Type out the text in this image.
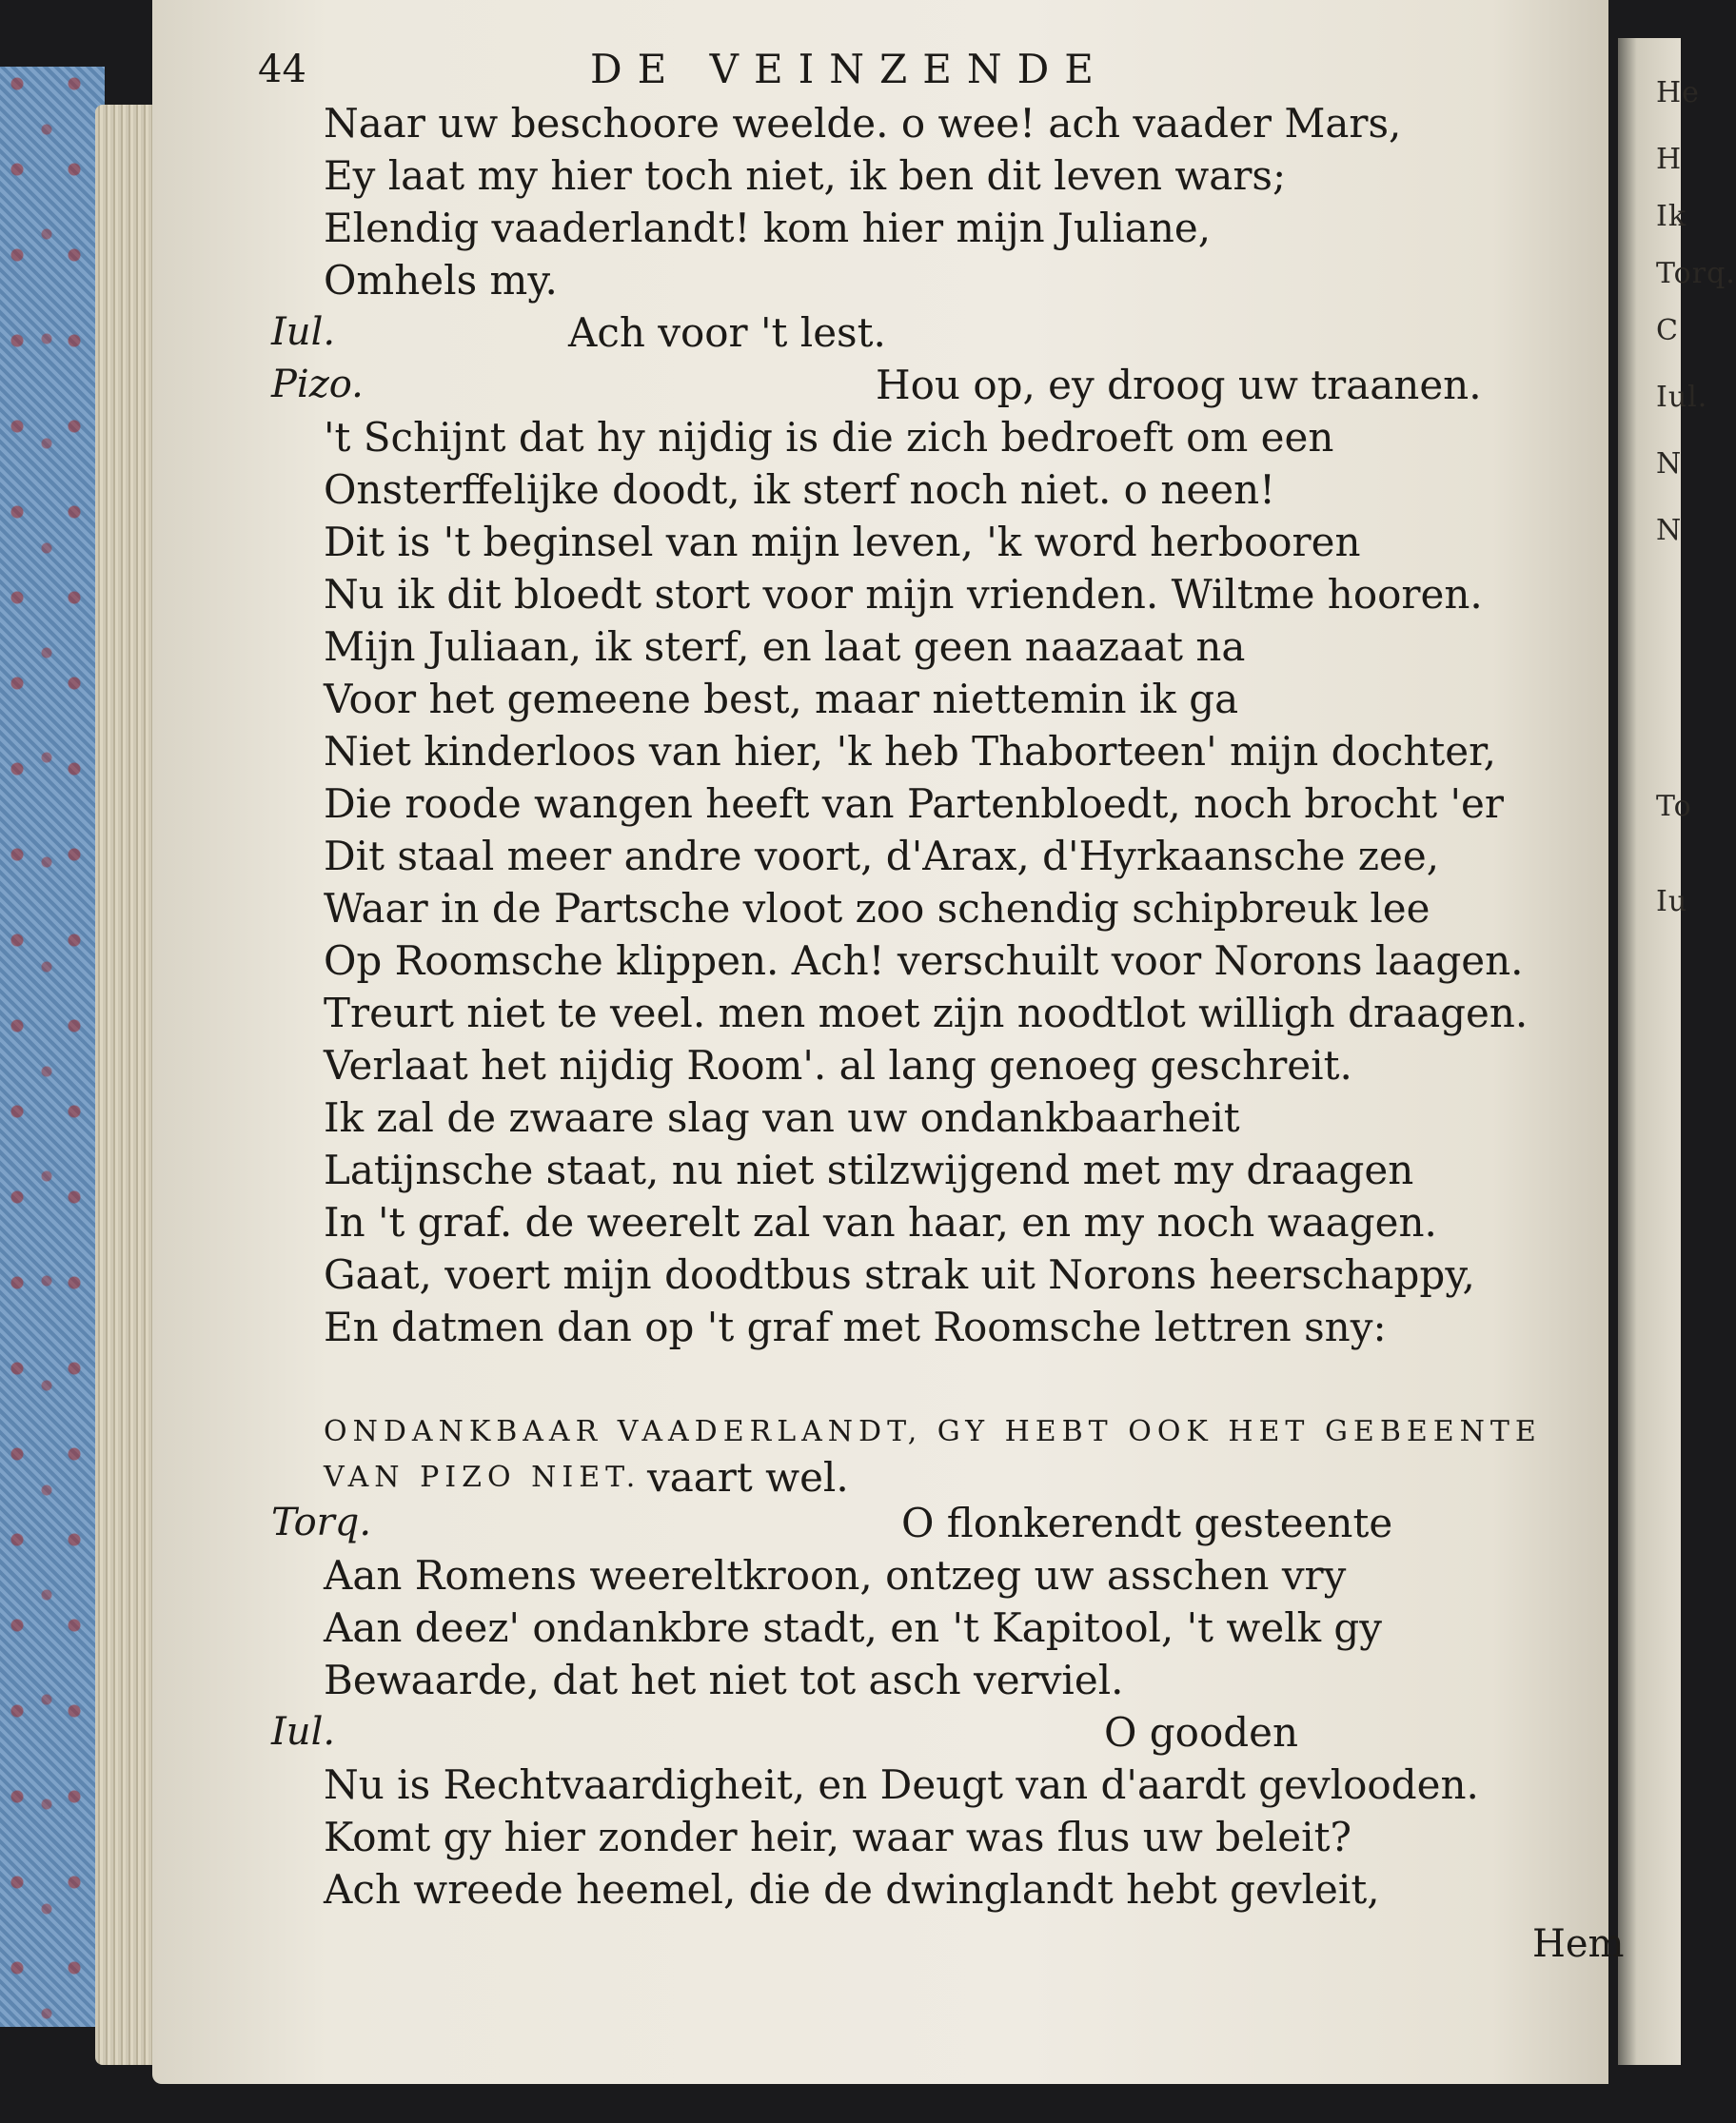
44	DE VEINZENDE
Naar uw beschoore weelde. o wee! ach vaader Mars,
Ey laat my hier toch niet, ik ben dit leven wars;
Elendig vaaderlandt! kom hier mijn Juliane,
Omhels my.
Iul.	Ach voor 't lest.
Pizo.	Hou op, ey droog uw traanen.
't Schijnt dat hy nijdig is die zich bedroeft om een
Onsterffelijke doodt, ik sterf noch niet. o neen!
Dit is 't beginsel van mijn leven, 'k word herbooren
Nu ik dit bloedt stort voor mijn vrienden. Wiltme hooren.
Mijn Juliaan, ik sterf, en laat geen naazaat na
Voor het gemeene best, maar niettemin ik ga
Niet kinderloos van hier, 'k heb Thaborteen' mijn dochter,
Die roode wangen heeft van Partenbloedt, noch brocht 'er
Dit staal meer andre voort, d'Arax, d'Hyrkaansche zee,
Waar in de Partsche vloot zoo schendig schipbreuk lee
Op Roomsche klippen. Ach! verschuilt voor Norons laagen.
Treurt niet te veel. men moet zijn noodtlot willigh draagen.
Verlaat het nijdig Room'. al lang genoeg geschreit.
Ik zal de zwaare slag van uw ondankbaarheit
Latijnsche staat, nu niet stilzwijgend met my draagen
In 't graf. de weerelt zal van haar, en my noch waagen.
Gaat, voert mijn doodtbus strak uit Norons heerschappy,
En datmen dan op 't graf met Roomsche lettren sny:
ONDANKBAAR VAADERLANDT, GY HEBT OOK HET GEBEENTE
VAN PIZO NIET. vaart wel.
Torq.	O flonkerendt gesteente
Aan Romens weereltkroon, ontzeg uw asschen vry
Aan deez' ondankbre stadt, en 't Kapitool, 't welk gy
Bewaarde, dat het niet tot asch verviel.
Iul.	O gooden
Nu is Rechtvaardigheit, en Deugt van d'aardt gevlooden.
Komt gy hier zonder heir, waar was flus uw beleit?
Ach wreede heemel, die de dwinglandt hebt gevleit,
Hem
He
H
Ik
Torq.
C
Iul.
N
N
To
Iu
